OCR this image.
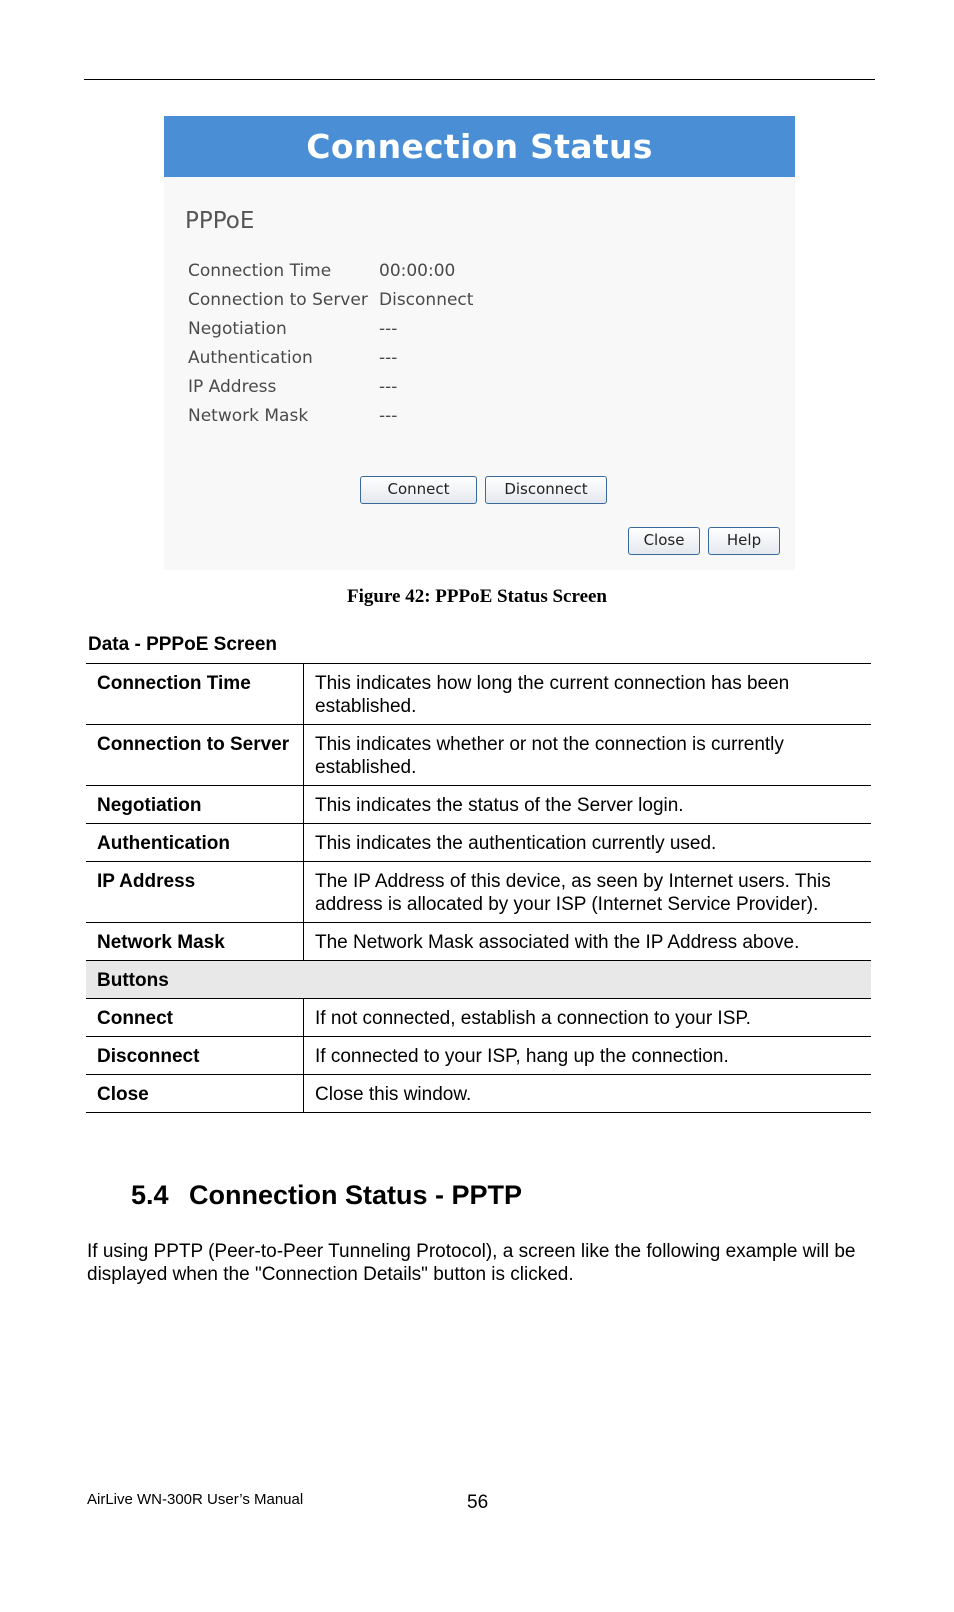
Connection Status
PPPoE
Connection Time	00:00:00
Connection to Server Disconnect
Negotiation	---
Authentication	---
IP Address	---
Network Mask	---
Connect	Disconnect
Close	Help
Figure 42: PPPoE Status Screen
Data - PPPoE Screen
Connection Time	This indicates how long the current connection has been established.
Connection to Server	This indicates whether or not the connection is currently established.
Negotiation	This indicates the status of the Server login.
Authentication	This indicates the authentication currently used.
IP Address	The IP Address of this device, as seen by Internet users. This address is allocated by your ISP (Internet Service Provider).
Network Mask	The Network Mask associated with the IP Address above.
Buttons	
Connect	If not connected, establish a connection to your ISP.
Disconnect	If connected to your ISP, hang up the connection.
Close	Close this window.
5.4 Connection Status - PPTP
If using PPTP (Peer-to-Peer Tunneling Protocol), a screen like the following example will be displayed when the "Connection Details" button is clicked.
AirLive WN-300R User’s Manual	56
